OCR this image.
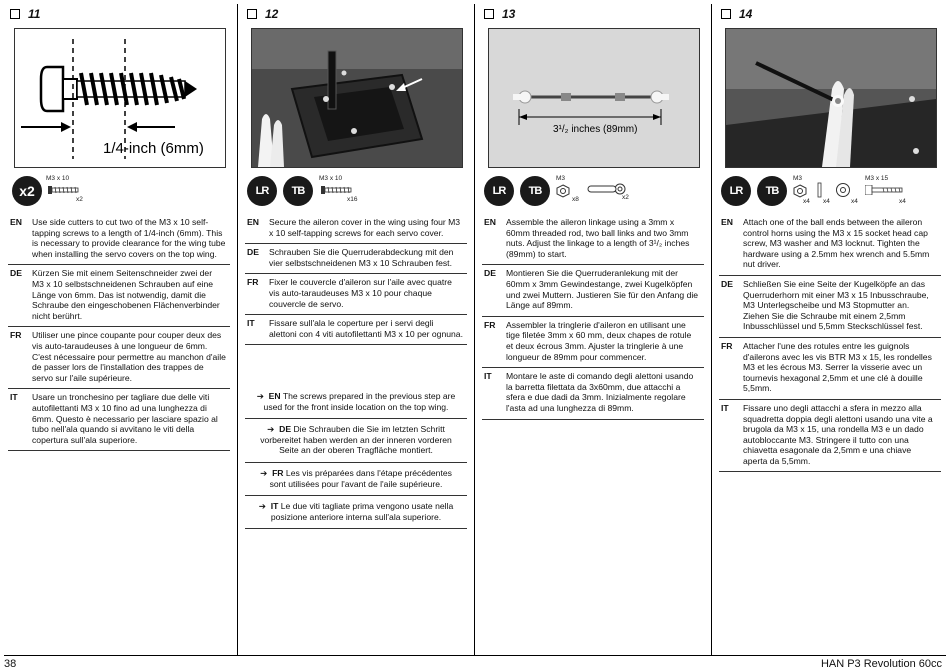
11
1/4-inch (6mm)
x2
M3 x 10
x2
EN	Use side cutters to cut two of the M3 x 10 self-tapping screws to a length of 1/4-inch (6mm). This is necessary to provide clearance for the wing tube when installing the servo covers on the top wing.
DE	Kürzen Sie mit einem Seitenschneider zwei der M3 x 10 selbstschneidenen Schrauben auf eine Länge von 6mm. Das ist notwendig, damit die Schraube den eingeschobenen Flächenverbinder nicht berührt.
FR	Utiliser une pince coupante pour couper deux des vis auto-taraudeuses à une longueur de 6mm. C'est nécessaire pour permettre au manchon d'aile de passer lors de l'installation des trappes de servo sur l'aile supérieure.
IT	Usare un tronchesino per tagliare due delle viti autofilettanti M3 x 10 fino ad una lunghezza di 6mm. Questo è necessario per lasciare spazio al tubo nell'ala quando si avvitano le viti della copertura sull'ala superiore.
12
LR	TB
M3 x 10
x16
EN	Secure the aileron cover in the wing using four M3 x 10 self-tapping screws for each servo cover.
DE	Schrauben Sie die Querruderabdeckung mit den vier selbstschneidenen M3 x 10 Schrauben fest.
FR	Fixer le couvercle d'aileron sur l'aile avec quatre vis auto-taraudeuses M3 x 10 pour chaque couvercle de servo.
IT	Fissare sull'ala le coperture per i servi degli alettoni con 4 viti autofilettanti M3 x 10 per ognuna.
➔ EN The screws prepared in the previous step are used for the front inside location on the top wing.
➔ DE Die Schrauben die Sie im letzten Schritt vorbereitet haben werden an der inneren vorderen Seite an der oberen Tragfläche montiert.
➔ FR Les vis préparées dans l'étape précédentes sont utilisées pour l'avant de l'aile supérieure.
➔ IT Le due viti tagliate prima vengono usate nella posizione anteriore interna sull'ala superiore.
13
3¹/₂ inches (89mm)
LR	TB
M3
x8	x2
EN	Assemble the aileron linkage using a 3mm x 60mm threaded rod, two ball links and two 3mm nuts. Adjust the linkage to a length of 3¹/₂ inches (89mm) to start.
DE	Montieren Sie die Querruderanlekung mit der 60mm x 3mm Gewindestange, zwei Kugelköpfen und zwei Muttern. Justieren Sie für den Anfang die Länge auf 89mm.
FR	Assembler la tringlerie d'aileron en utilisant une tige filetée 3mm x 60 mm, deux chapes de rotule et deux écrous 3mm. Ajuster la tringlerie à une longueur de 89mm pour commencer.
IT	Montare le aste di comando degli alettoni usando la barretta filettata da 3x60mm, due attacchi a sfera e due dadi da 3mm. Inizialmente regolare l'asta ad una lunghezza di 89mm.
14
LR	TB
M3
x4 x4	x4
M3 x 15
x4
EN	Attach one of the ball ends between the aileron control horns using the M3 x 15 socket head cap screw, M3 washer and M3 locknut. Tighten the hardware using a 2.5mm hex wrench and 5.5mm nut driver.
DE	Schließen Sie eine Seite der Kugelköpfe an das Querruderhorn mit einer M3 x 15 Inbusschraube, M3 Unterlegscheibe und M3 Stopmutter an. Ziehen Sie die Schraube mit einem 2,5mm Inbusschlüssel und 5,5mm Steckschlüssel fest.
FR	Attacher l'une des rotules entre les guignols d'ailerons avec les vis BTR M3 x 15, les rondelles M3 et les écrous M3. Serrer la visserie avec un tournevis hexagonal 2,5mm et une clé à douille 5,5mm.
IT	Fissare uno degli attacchi a sfera in mezzo alla squadretta doppia degli alettoni usando una vite a brugola da M3 x 15, una rondella M3 e un dado autobloccante M3. Stringere il tutto con una chiavetta esagonale da 2,5mm e una chiave aperta da 5,5mm.
38	HAN P3 Revolution 60cc
